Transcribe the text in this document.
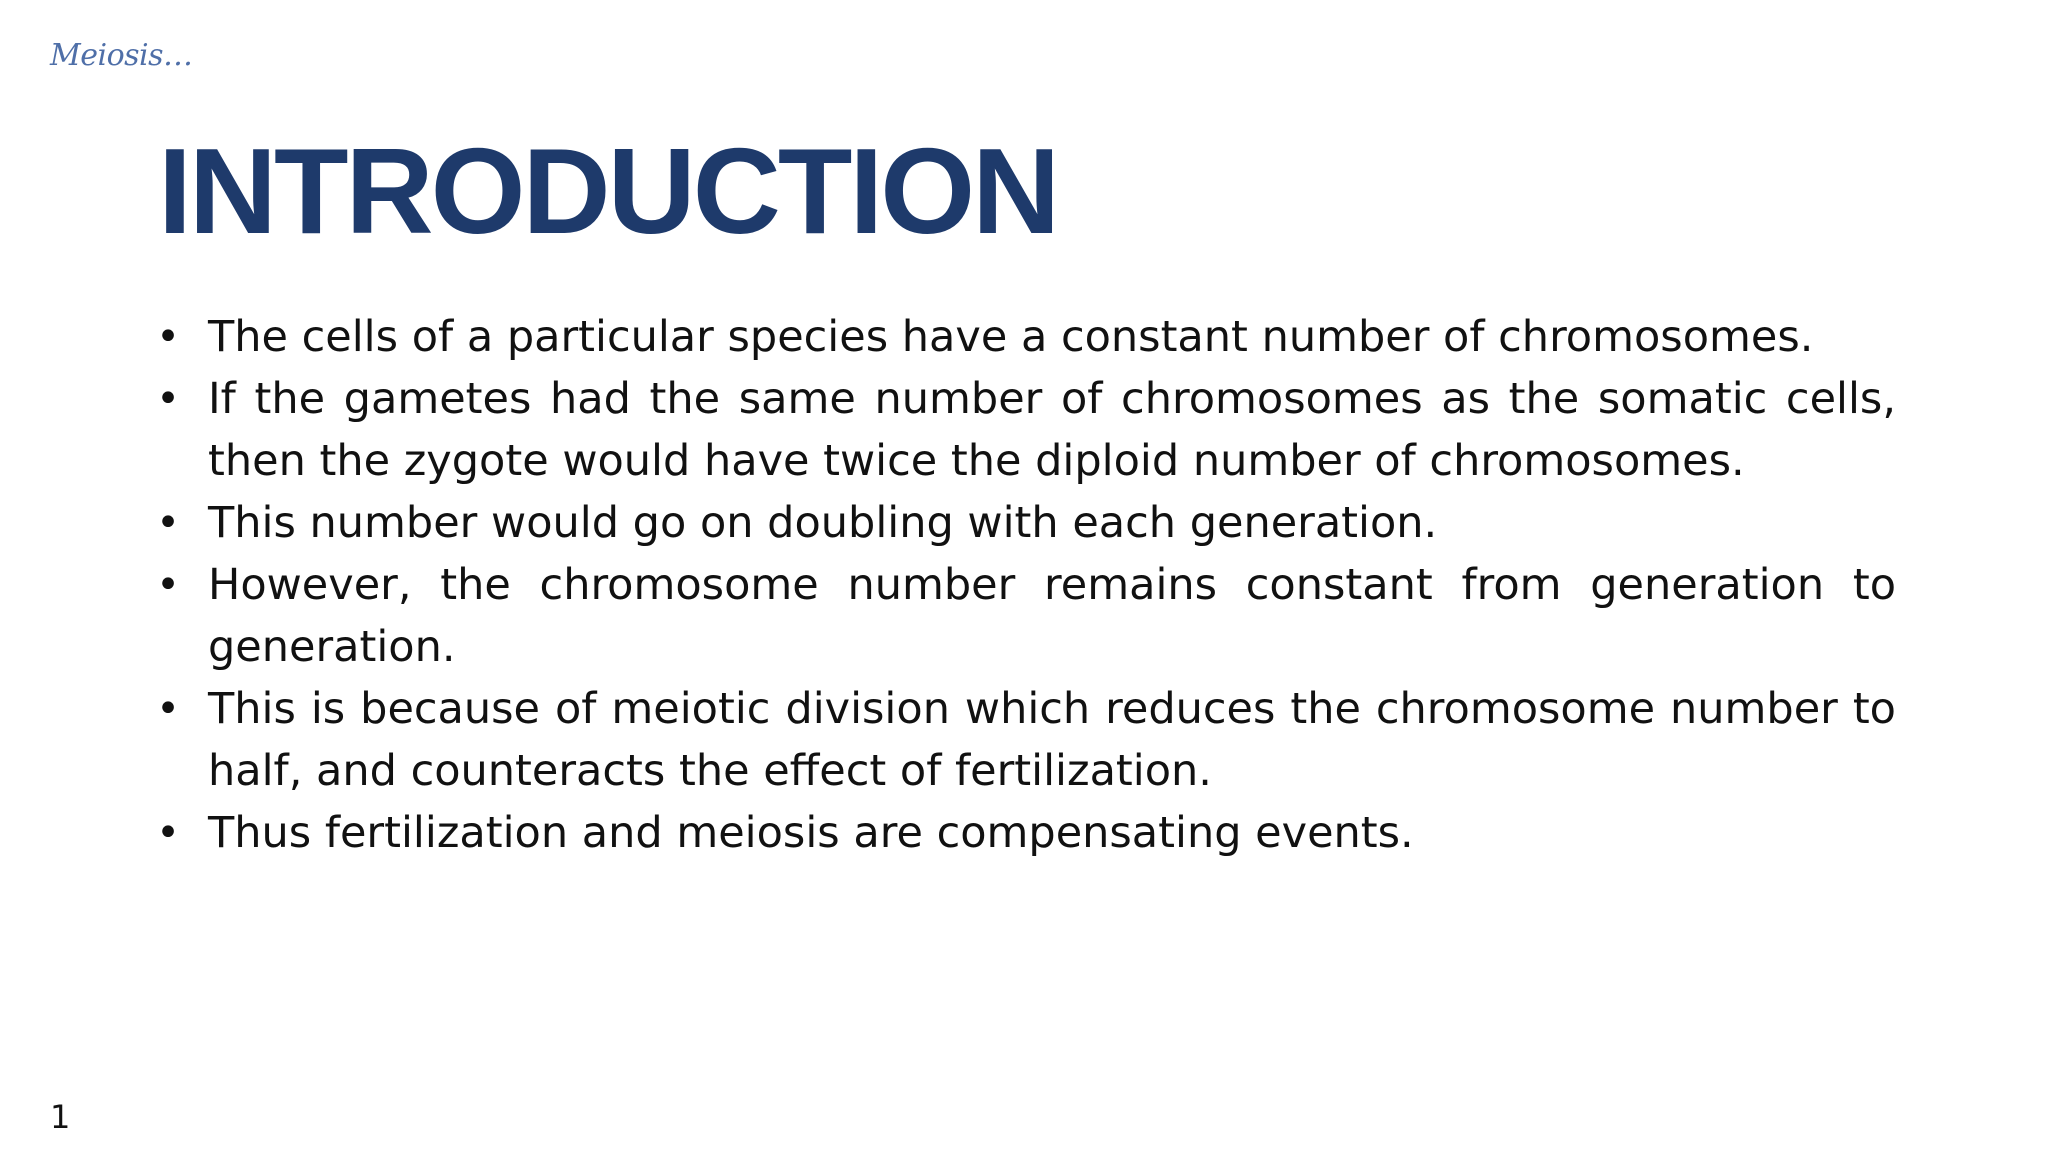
Meiosis…
INTRODUCTION
• The cells of a particular species have a constant number of chromosomes.
• If the gametes had the same number of chromosomes as the somatic cells, then the zygote would have twice the diploid number of chromosomes.
• This number would go on doubling with each generation.
• However, the chromosome number remains constant from generation to generation.
• This is because of meiotic division which reduces the chromosome number to half, and counteracts the effect of fertilization.
• Thus fertilization and meiosis are compensating events.
1
